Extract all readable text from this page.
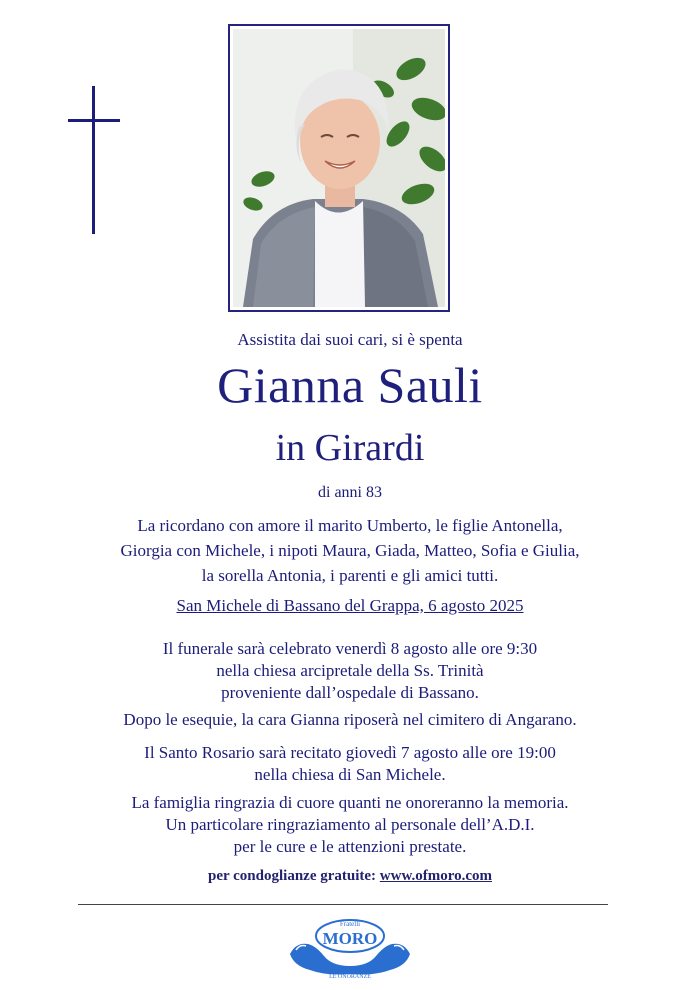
Assistita dai suoi cari, si è spenta
Gianna Sauli
in Girardi
di anni 83
La ricordano con amore il marito Umberto, le figlie Antonella,
Giorgia con Michele, i nipoti Maura, Giada, Matteo, Sofia e Giulia,
la sorella Antonia, i parenti e gli amici tutti.
San Michele di Bassano del Grappa, 6 agosto 2025
Il funerale sarà celebrato venerdì 8 agosto alle ore 9:30
nella chiesa arcipretale della Ss. Trinità
proveniente dall’ospedale di Bassano.
Dopo le esequie, la cara Gianna riposerà nel cimitero di Angarano.
Il Santo Rosario sarà recitato giovedì 7 agosto alle ore 19:00
nella chiesa di San Michele.
La famiglia ringrazia di cuore quanti ne onoreranno la memoria.
Un particolare ringraziamento al personale dell’A.D.I.
per le cure e le attenzioni prestate.
per condoglianze gratuite: www.ofmoro.com
Fratelli
MORO
LE ONORANZE
